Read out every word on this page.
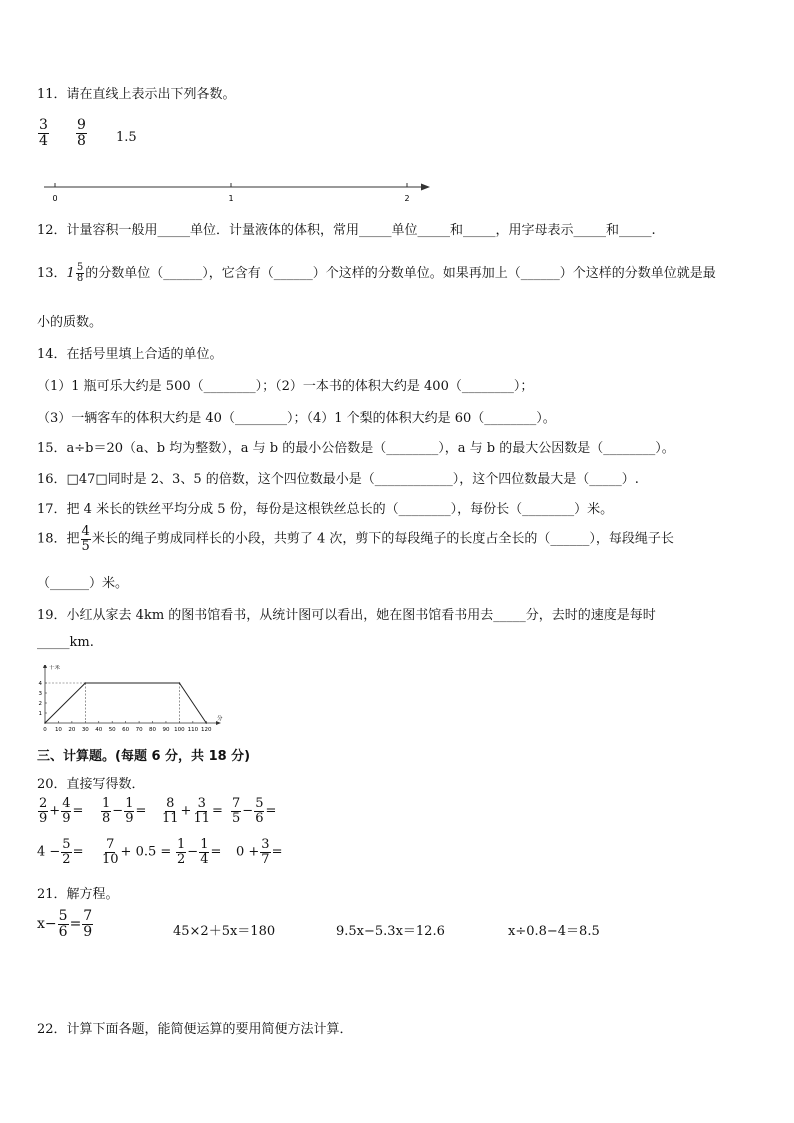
11．请在直线上表示出下列各数。
$\frac{3}{4} \frac{9}{8} 1.5$
0	1	2
12．计量容积一般用_____单位．计量液体的体积，常用_____单位_____和_____，用字母表示_____和_____.
13．$1 \frac{5}{8}$ 的分数单位（______），它含有（______）个这样的分数单位。如果再加上（______）个这样的分数单位就是最
小的质数。
14．在括号里填上合适的单位。
（1）1 瓶可乐大约是 500（________）；（2）一本书的体积大约是 400（________）；
（3）一辆客车的体积大约是 40（________）；（4）1 个梨的体积大约是 60（________）。
15．a÷b＝20（a、b 均为整数），a 与 b 的最小公倍数是（________），a 与 b 的最大公因数是（________）。
16．□47□同时是 2、3、5 的倍数，这个四位数最小是（____________），这个四位数最大是（_____）.
17．把 4 米长的铁丝平均分成 5 份，每份是这根铁丝总长的（________），每份长（________）米。
18．把 $\frac{4}{5}$ 米长的绳子剪成同样长的小段，共剪了 4 次，剪下的每段绳子的长度占全长的（______），每段绳子长
（______）米。
19．小红从家去 4km 的图书馆看书，从统计图可以看出，她在图书馆看书用去_____分，去时的速度是每时
_____km.
1
2
3
4
0 10 20 30 40 50 60 70 80 90 100 110 120
千米
分
三、计算题。(每题 6 分，共 18 分)
20．直接写得数．
$\frac{2}{9} + \frac{4}{9} = \frac{1}{8} - \frac{1}{9} = \frac{8}{11} + \frac{3}{11} = \frac{7}{5} - \frac{5}{6}$ =
$4 - \frac{5}{2} = \frac{7}{10} + 0.5 = \frac{1}{2} - \frac{1}{4} = 0 + \frac{3}{7}$ =
21．解方程。
$x- \frac{5}{6} = \frac{7}{9}$	45×2＋5x＝180	9.5x−5.3x＝12.6	x÷0.8−4＝8.5
22．计算下面各题，能简便运算的要用简便方法计算．
